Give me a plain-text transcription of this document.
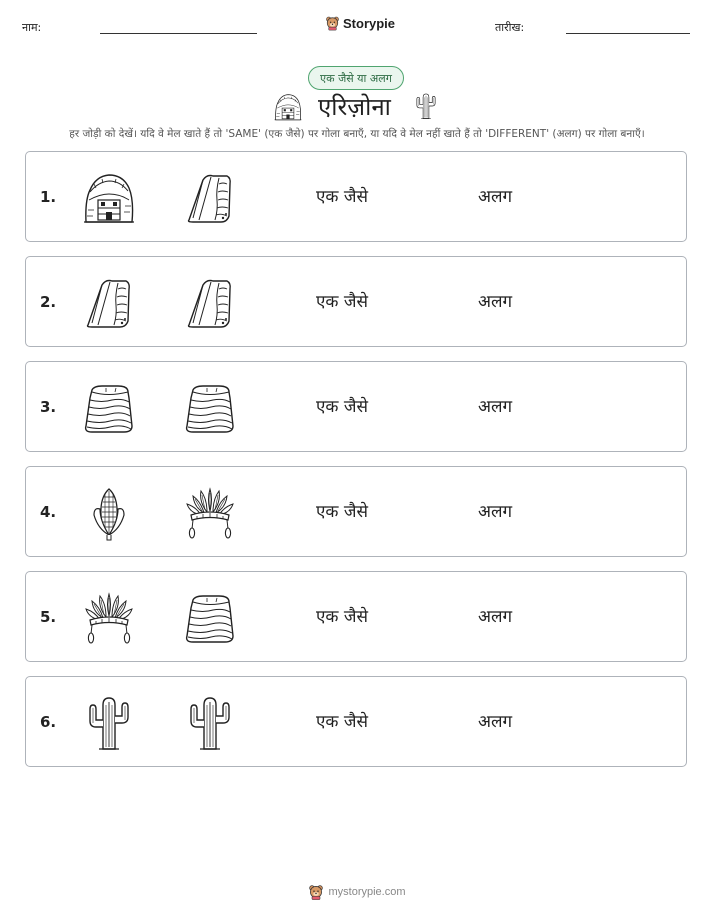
नाम:	Storypie	तारीख:
एक जैसे या अलग
एरिज़ोना
हर जोड़ी को देखें। यदि वे मेल खाते हैं तो 'SAME' (एक जैसे) पर गोला बनाएँ, या यदि वे मेल नहीं खाते हैं तो 'DIFFERENT' (अलग) पर गोला बनाएँ।
1.	एक जैसे	अलग
2.	एक जैसे	अलग
3.	एक जैसे	अलग
4.	एक जैसे	अलग
5.	एक जैसे	अलग
6.	एक जैसे	अलग
mystorypie.com
